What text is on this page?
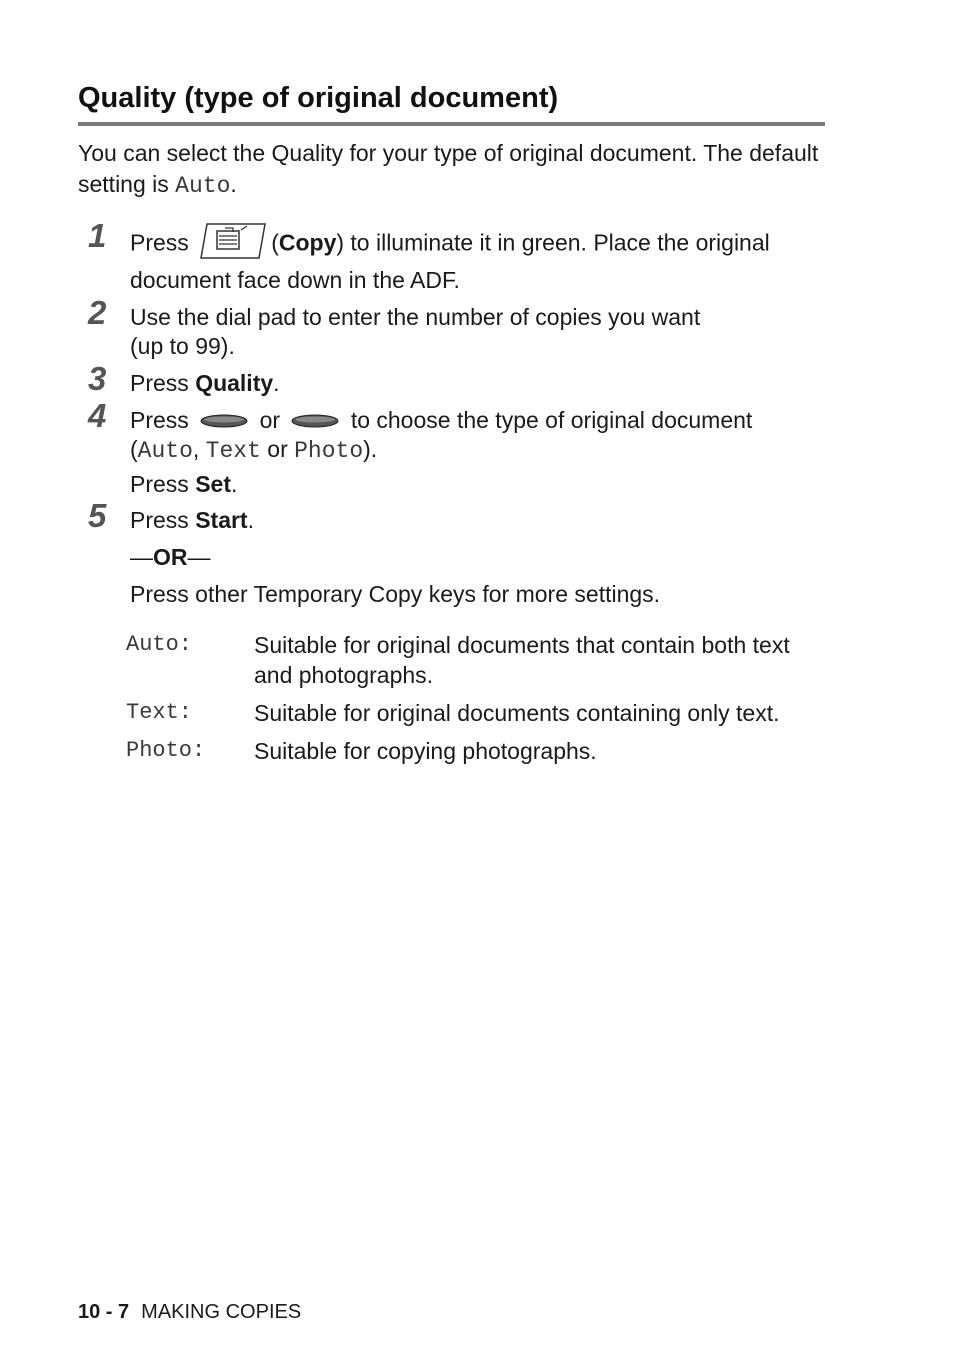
Quality (type of original document)
You can select the Quality for your type of original document. The default setting is Auto.
1 Press	(Copy) to illuminate it in green. Place the original
document face down in the ADF.
2 Use the dial pad to enter the number of copies you want
(up to 99).
3 Press Quality.
4 Press	or	to choose the type of original document
(Auto, Text or Photo).
Press Set.
5 Press Start.
—OR—
Press other Temporary Copy keys for more settings.
Auto:	Suitable for original documents that contain both text and photographs.
Text:	Suitable for original documents containing only text.
Photo:	Suitable for copying photographs.
10 - 7 MAKING COPIES
